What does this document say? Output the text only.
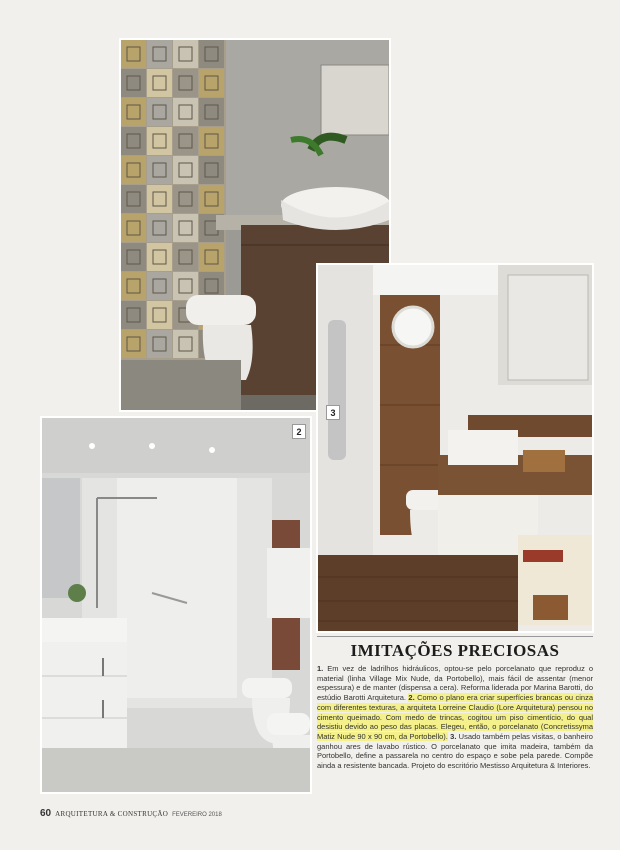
2
3
IMITAÇÕES PRECIOSAS

1. Em vez de ladrilhos hidráulicos, optou-se pelo porcelanato que reproduz o material (linha Village Mix Nude, da Portobello), mais fácil de assentar (menor espessura) e de manter (dispensa a cera). Reforma liderada por Marina Barotti, do estúdio Barotti Arquitetura. 2. Como o plano era criar superfícies brancas ou cinza com diferentes texturas, a arquiteta Lorreine Claudio (Lore Arquitetura) pensou no cimento queimado. Com medo de trincas, cogitou um piso cimentício, do qual desistiu devido ao peso das placas. Elegeu, então, o porcelanato (Concretissyma Matiz Nude 90 x 90 cm, da Portobello). 3. Usado também pelas visitas, o banheiro ganhou ares de lavabo rústico. O porcelanato que imita madeira, também da Portobello, define a passarela no centro do espaço e sobe pela parede. Compõe ainda a resistente bancada. Projeto do escritório Mestisso Arquitetura & Interiores.

60 ARQUITETURA & CONSTRUÇÃO FEVEREIRO 2018
